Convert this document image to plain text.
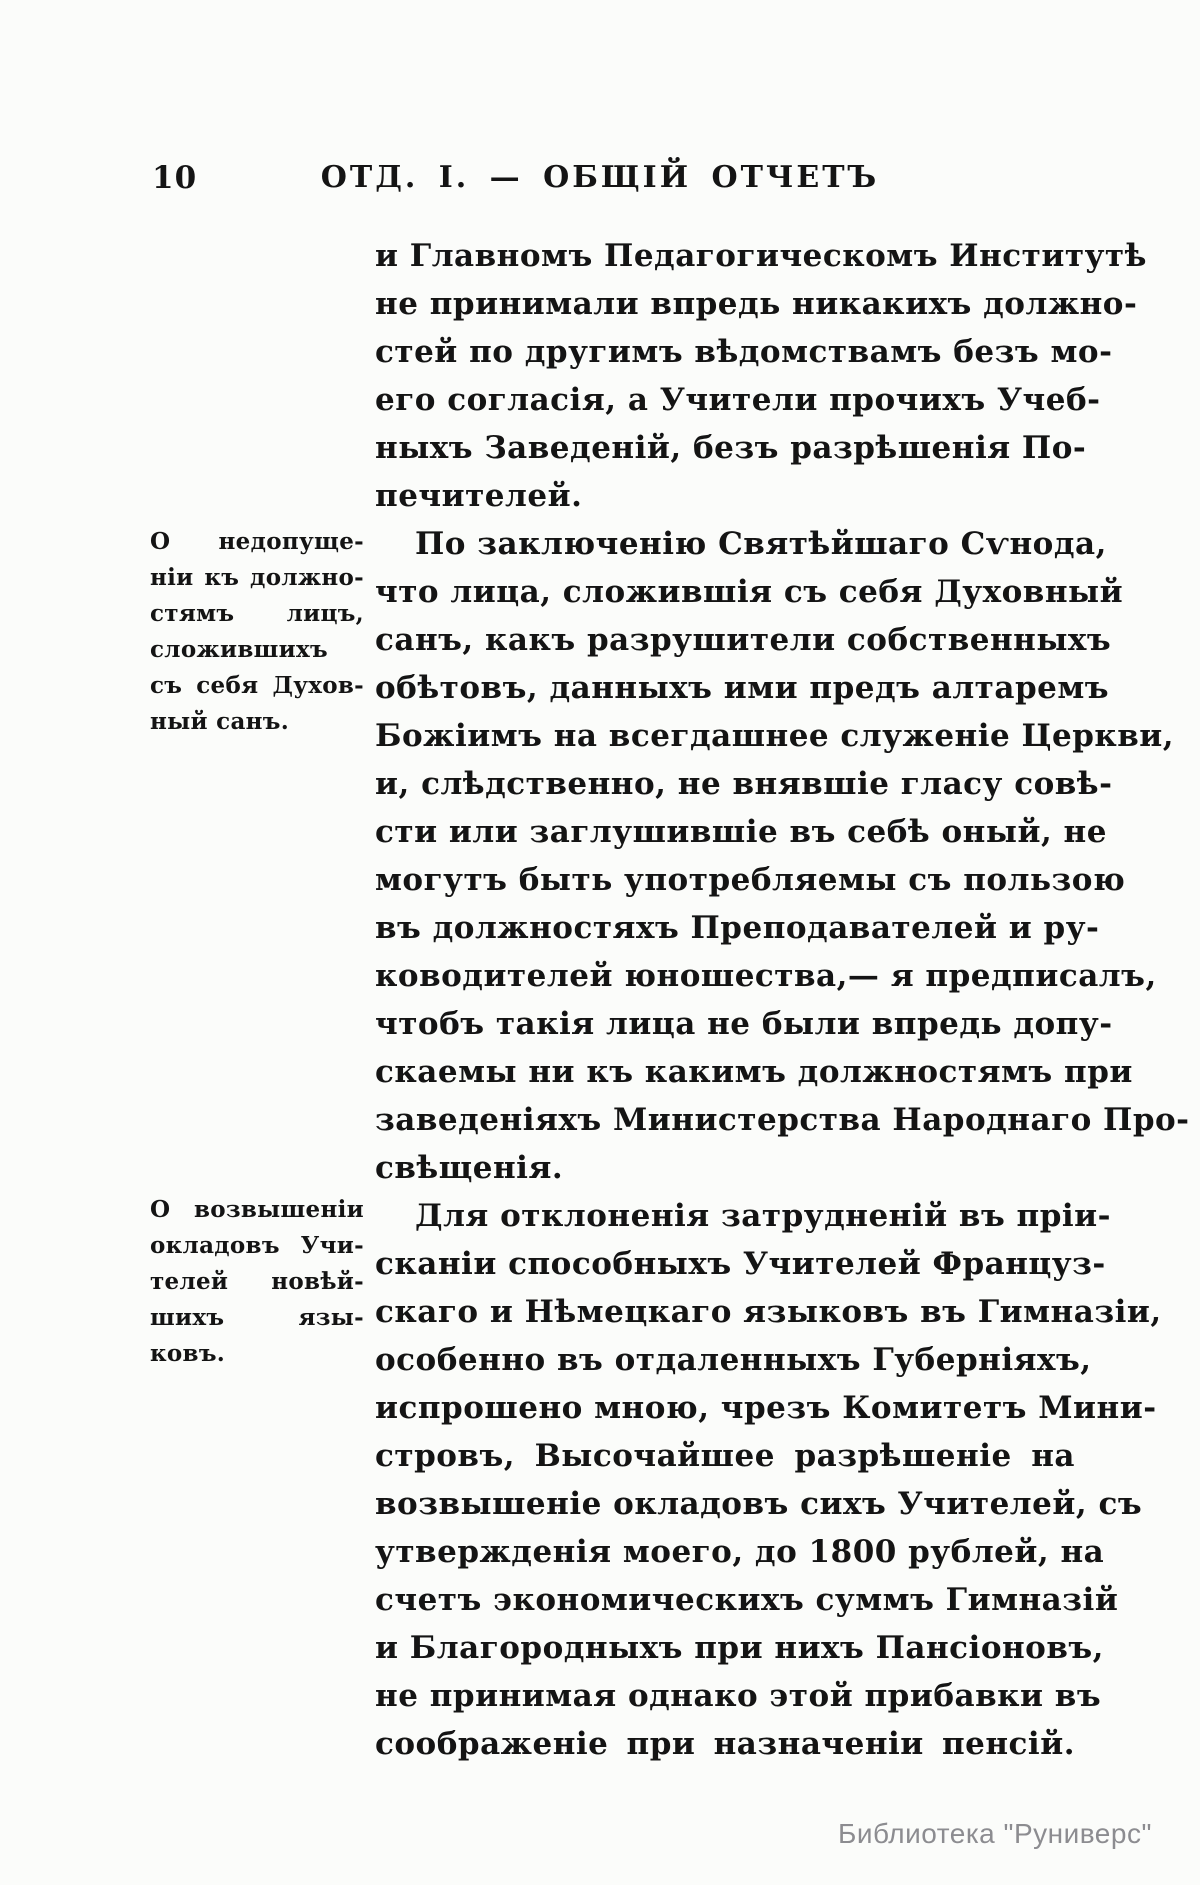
10	ОТД. I. — ОБЩІЙ ОТЧЕТЪ
О недопуще-
ніи къ должно-
стямъ лицъ,
сложившихъ
съ себя Духов-
ный санъ.
О возвышеніи
окладовъ Учи-
телей новѣй-
шихъ язы-
ковъ.
и Главномъ Педагогическомъ Институтѣ
не принимали впредь никакихъ должно-
стей по другимъ вѣдомствамъ безъ мо-
его согласія, а Учители прочихъ Учеб-
ныхъ Заведеній, безъ разрѣшенія По-
печителей.
По заключенію Святѣйшаго Сѵнода,
что лица, сложившія съ себя Духовный
санъ, какъ разрушители собственныхъ
обѣтовъ, данныхъ ими предъ алтаремъ
Божіимъ на всегдашнее служеніе Церкви,
и, слѣдственно, не внявшіе гласу совѣ-
сти или заглушившіе въ себѣ оный, не
могутъ быть употребляемы съ пользою
въ должностяхъ Преподавателей и ру-
ководителей юношества,— я предписалъ,
чтобъ такія лица не были впредь допу-
скаемы ни къ какимъ должностямъ при
заведеніяхъ Министерства Народнаго Про-
свѣщенія.
Для отклоненія затрудненій въ пріи-
сканіи способныхъ Учителей Француз-
скаго и Нѣмецкаго языковъ въ Гимназіи,
особенно въ отдаленныхъ Губерніяхъ,
испрошено мною, чрезъ Комитетъ Мини-
стровъ, Высочайшее разрѣшеніе на
возвышеніе окладовъ сихъ Учителей, съ
утвержденія моего, до 1800 рублей, на
счетъ экономическихъ суммъ Гимназій
и Благородныхъ при нихъ Пансіоновъ,
не принимая однако этой прибавки въ
соображеніе при назначеніи пенсій.
Библиотека "Руниверс"
